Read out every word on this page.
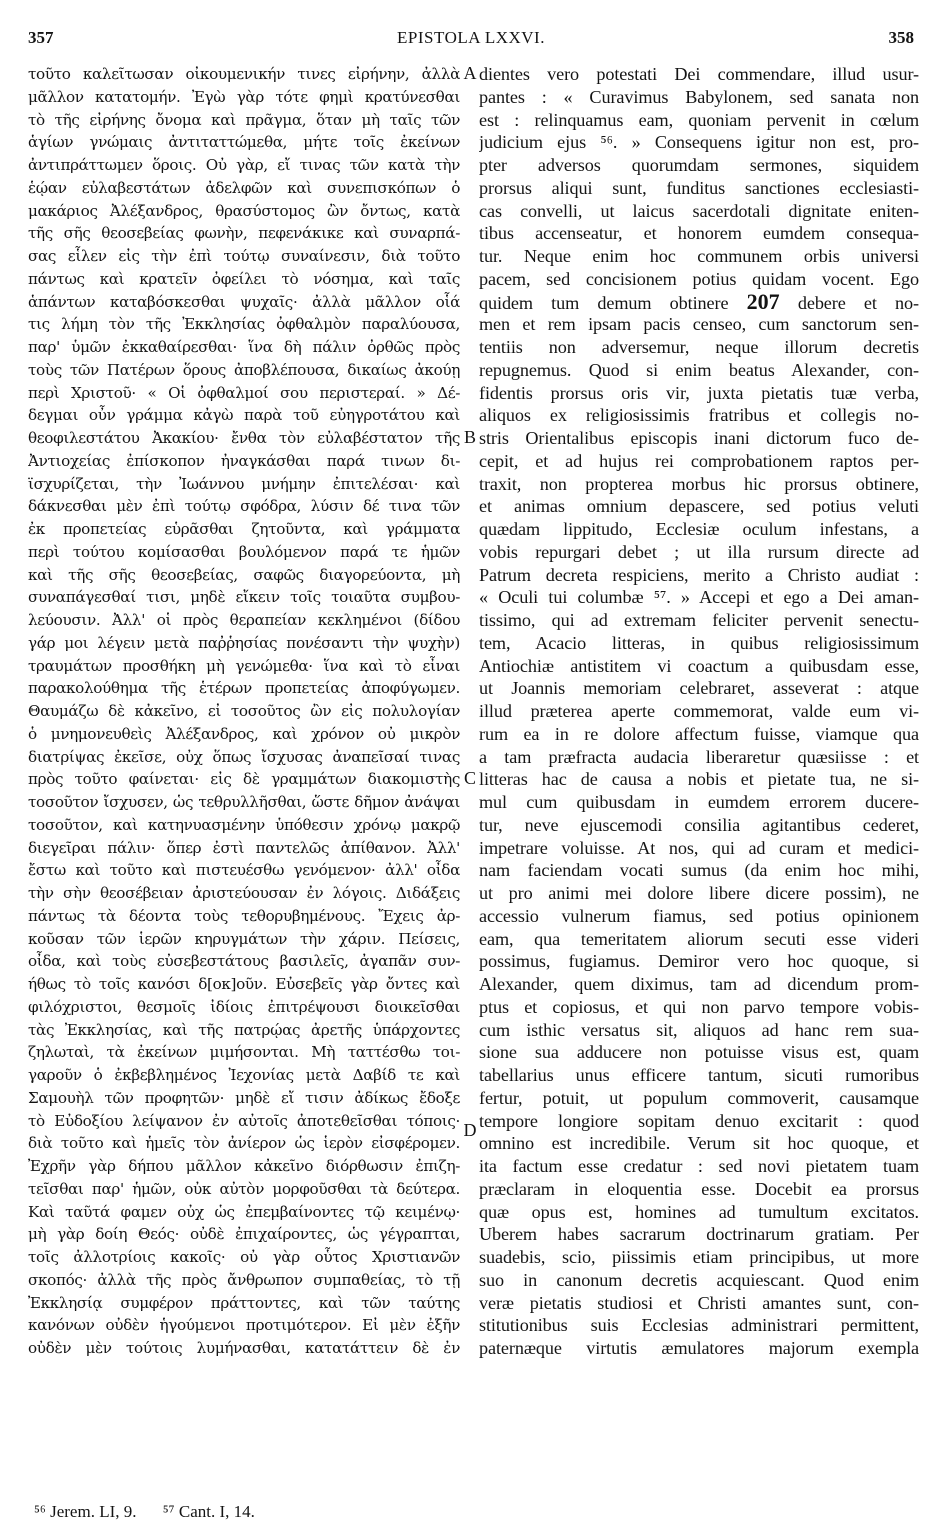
357	EPISTOLA LXXVI.	358
τοῦτο καλεῖτωσαν οἰκουμενικήν τινες εἰρήνην, ἀλλὰ
μᾶλλον κατατομήν. Ἐγὼ γὰρ τότε φημὶ κρατύνεσθαι
τὸ τῆς εἰρήνης ὄνομα καὶ πρᾶγμα, ὅταν μὴ ταῖς τῶν
ἁγίων γνώμαις ἀντιταττώμεθα, μήτε τοῖς ἐκείνων
ἀντιπράττωμεν ὅροις. Οὐ γὰρ, εἴ τινας τῶν κατὰ τὴν
ἑῴαν εὐλαβεστάτων ἀδελφῶν καὶ συνεπισκόπων ὁ
μακάριος Ἀλέξανδρος, θρασύστομος ὢν ὄντως, κατὰ
τῆς σῆς θεοσεβείας φωνὴν, πεφενάκικε καὶ συναρπά-
σας εἷλεν εἰς τὴν ἐπὶ τούτῳ συναίνεσιν, διὰ τοῦτο
πάντως καὶ κρατεῖν ὀφείλει τὸ νόσημα, καὶ ταῖς
ἁπάντων καταβόσκεσθαι ψυχαῖς· ἀλλὰ μᾶλλον οἷά
τις λήμη τὸν τῆς Ἐκκλησίας ὀφθαλμὸν παραλύουσα,
παρ' ὑμῶν ἐκκαθαίρεσθαι· ἵνα δὴ πάλιν ὀρθῶς πρὸς
τοὺς τῶν Πατέρων ὅρους ἀποβλέπουσα, δικαίως ἀκούῃ
περὶ Χριστοῦ· « Οἱ ὀφθαλμοί σου περιστεραί. » Δέ-
δεγμαι οὖν γράμμα κἀγὼ παρὰ τοῦ εὐηγροτάτου καὶ
θεοφιλεστάτου Ἀκακίου· ἔνθα τὸν εὐλαβέστατον τῆς
Ἀντιοχείας ἐπίσκοπον ἠναγκάσθαι παρά τινων δι-
ϊσχυρίζεται, τὴν Ἰωάννου μνήμην ἐπιτελέσαι· καὶ
δάκνεσθαι μὲν ἐπὶ τούτῳ σφόδρα, λύσιν δέ τινα τῶν
ἐκ προπετείας εὑρᾶσθαι ζητοῦντα, καὶ γράμματα
περὶ τούτου κομίσασθαι βουλόμενον παρά τε ἡμῶν
καὶ τῆς σῆς θεοσεβείας, σαφῶς διαγορεύοντα, μὴ
συναπάγεσθαί τισι, μηδὲ εἴκειν τοῖς τοιαῦτα συμβου-
λεύουσιν. Ἀλλ' οἱ πρὸς θεραπείαν κεκλημένοι (δίδου
γάρ μοι λέγειν μετὰ παῤῥησίας πονέσαντι τὴν ψυχὴν)
τραυμάτων προσθήκη μὴ γενώμεθα· ἵνα καὶ τὸ εἶναι
παρακολούθημα τῆς ἑτέρων προπετείας ἀποφύγωμεν.
Θαυμάζω δὲ κἀκεῖνο, εἰ τοσοῦτος ὢν εἰς πολυλογίαν
ὁ μνημονευθεὶς Ἀλέξανδρος, καὶ χρόνον οὐ μικρὸν
διατρίψας ἐκεῖσε, οὐχ ὅπως ἴσχυσας ἀναπεῖσαί τινας
πρὸς τοῦτο φαίνεται· εἰς δὲ γραμμάτων διακομιστὴς
τοσοῦτον ἴσχυσεν, ὡς τεθρυλλῆσθαι, ὥστε δῆμον ἀνάψαι
τοσοῦτον, καὶ κατηνυασμένην ὑπόθεσιν χρόνῳ μακρῷ
διεγεῖραι πάλιν· ὅπερ ἐστὶ παντελῶς ἀπίθανον. Ἀλλ'
ἔστω καὶ τοῦτο καὶ πιστευέσθω γενόμενον· ἀλλ' οἶδα
τὴν σὴν θεοσέβειαν ἀριστεύουσαν ἐν λόγοις. Διδάξεις
πάντως τὰ δέοντα τοὺς τεθορυβημένους. Ἔχεις ἀρ-
κοῦσαν τῶν ἱερῶν κηρυγμάτων τὴν χάριν. Πείσεις,
οἶδα, καὶ τοὺς εὐσεβεστάτους βασιλεῖς, ἀγαπᾶν συν-
ήθως τὸ τοῖς κανόσι δ[οκ]οῦν. Εὐσεβεῖς γὰρ ὄντες καὶ
φιλόχριστοι, θεσμοῖς ἰδίοις ἐπιτρέψουσι διοικεῖσθαι
τὰς Ἐκκλησίας, καὶ τῆς πατρῴας ἀρετῆς ὑπάρχοντες
ζηλωταὶ, τὰ ἐκείνων μιμήσονται. Μὴ ταττέσθω τοι-
γαροῦν ὁ ἐκβεβλημένος Ἰεχονίας μετὰ Δαβίδ τε καὶ
Σαμουὴλ τῶν προφητῶν· μηδὲ εἴ τισιν ἀδίκως ἔδοξε
τὸ Εὐδοξίου λείψανον ἐν αὐτοῖς ἀποτεθεῖσθαι τόποις·
διὰ τοῦτο καὶ ἡμεῖς τὸν ἀνίερον ὡς ἱερὸν εἰσφέρομεν.
Ἐχρῆν γὰρ δήπου μᾶλλον κἀκεῖνο διόρθωσιν ἐπιζη-
τεῖσθαι παρ' ἡμῶν, οὐκ αὐτὸν μορφοῦσθαι τὰ δεύτερα.
Καὶ ταῦτά φαμεν οὐχ ὡς ἐπεμβαίνοντες τῷ κειμένῳ·
μὴ γὰρ δοίη Θεός· οὐδὲ ἐπιχαίροντες, ὡς γέγραπται,
τοῖς ἀλλοτρίοις κακοῖς· οὐ γὰρ οὗτος Χριστιανῶν
σκοπός· ἀλλὰ τῆς πρὸς ἄνθρωπον συμπαθείας, τὸ τῇ
Ἐκκλησίᾳ συμφέρον πράττοντες, καὶ τῶν ταύτης
κανόνων οὐδὲν ἡγούμενοι προτιμότερον. Εἰ μὲν ἐξῆν
οὐδὲν μὲν τούτοις λυμήνασθαι, κατατάττειν δὲ ἐν
dientes vero potestati Dei commendare, illud usur-
pantes : « Curavimus Babylonem, sed sanata non
est : relinquamus eam, quoniam pervenit in cœlum
judicium ejus ⁵⁶. » Consequens igitur non est, pro-
pter adversos quorumdam sermones, siquidem
prorsus aliqui sunt, funditus sanctiones ecclesiasti-
cas convelli, ut laicus sacerdotali dignitate eniten-
tibus accenseatur, et honorem eumdem consequa-
tur. Neque enim hoc communem orbis universi
pacem, sed concisionem potius quidam vocent. Ego
quidem tum demum obtinere 207 debere et no-
men et rem ipsam pacis censeo, cum sanctorum sen-
tentiis non adversemur, neque illorum decretis
repugnemus. Quod si enim beatus Alexander, con-
fidentis prorsus oris vir, juxta pietatis tuæ verba,
aliquos ex religiosissimis fratribus et collegis no-
stris Orientalibus episcopis inani dictorum fuco de-
cepit, et ad hujus rei comprobationem raptos per-
traxit, non propterea morbus hic prorsus obtinere,
et animas omnium depascere, sed potius veluti
quædam lippitudo, Ecclesiæ oculum infestans, a
vobis repurgari debet ; ut illa rursum directe ad
Patrum decreta respiciens, merito a Christo audiat :
« Oculi tui columbæ ⁵⁷. » Accepi et ego a Dei aman-
tissimo, qui ad extremam feliciter pervenit senectu-
tem, Acacio litteras, in quibus religiosissimum
Antiochiæ antistitem vi coactum a quibusdam esse,
ut Joannis memoriam celebraret, asseverat : atque
illud præterea aperte commemorat, valde eum vi-
rum ea in re dolore affectum fuisse, viamque qua
a tam præfracta audacia liberaretur quæsiisse : et
litteras hac de causa a nobis et pietate tua, ne si-
mul cum quibusdam in eumdem errorem ducere-
tur, neve ejuscemodi consilia agitantibus cederet,
impetrare voluisse. At nos, qui ad curam et medici-
nam faciendam vocati sumus (da enim hoc mihi,
ut pro animi mei dolore libere dicere possim), ne
accessio vulnerum fiamus, sed potius opinionem
eam, qua temeritatem aliorum secuti esse videri
possimus, fugiamus. Demiror vero hoc quoque, si
Alexander, quem diximus, tam ad dicendum prom-
ptus et copiosus, et qui non parvo tempore vobis-
cum isthic versatus sit, aliquos ad hanc rem sua-
sione sua adducere non potuisse visus est, quam
tabellarius unus efficere tantum, sicuti rumoribus
fertur, potuit, ut populum commoverit, causamque
tempore longiore sopitam denuo excitarit : quod
omnino est incredibile. Verum sit hoc quoque, et
ita factum esse credatur : sed novi pietatem tuam
præclaram in eloquentia esse. Docebit ea prorsus
quæ opus est, homines ad tumultum excitatos.
Uberem habes sacrarum doctrinarum gratiam. Per
suadebis, scio, piissimis etiam principibus, ut more
suo in canonum decretis acquiescant. Quod enim
veræ pietatis studiosi et Christi amantes sunt, con-
stitutionibus suis Ecclesias administrari permittent,
paternæque virtutis æmulatores majorum exempla
A
B
C
D
⁵⁶ Jerem. LI, 9. ⁵⁷ Cant. I, 14.
